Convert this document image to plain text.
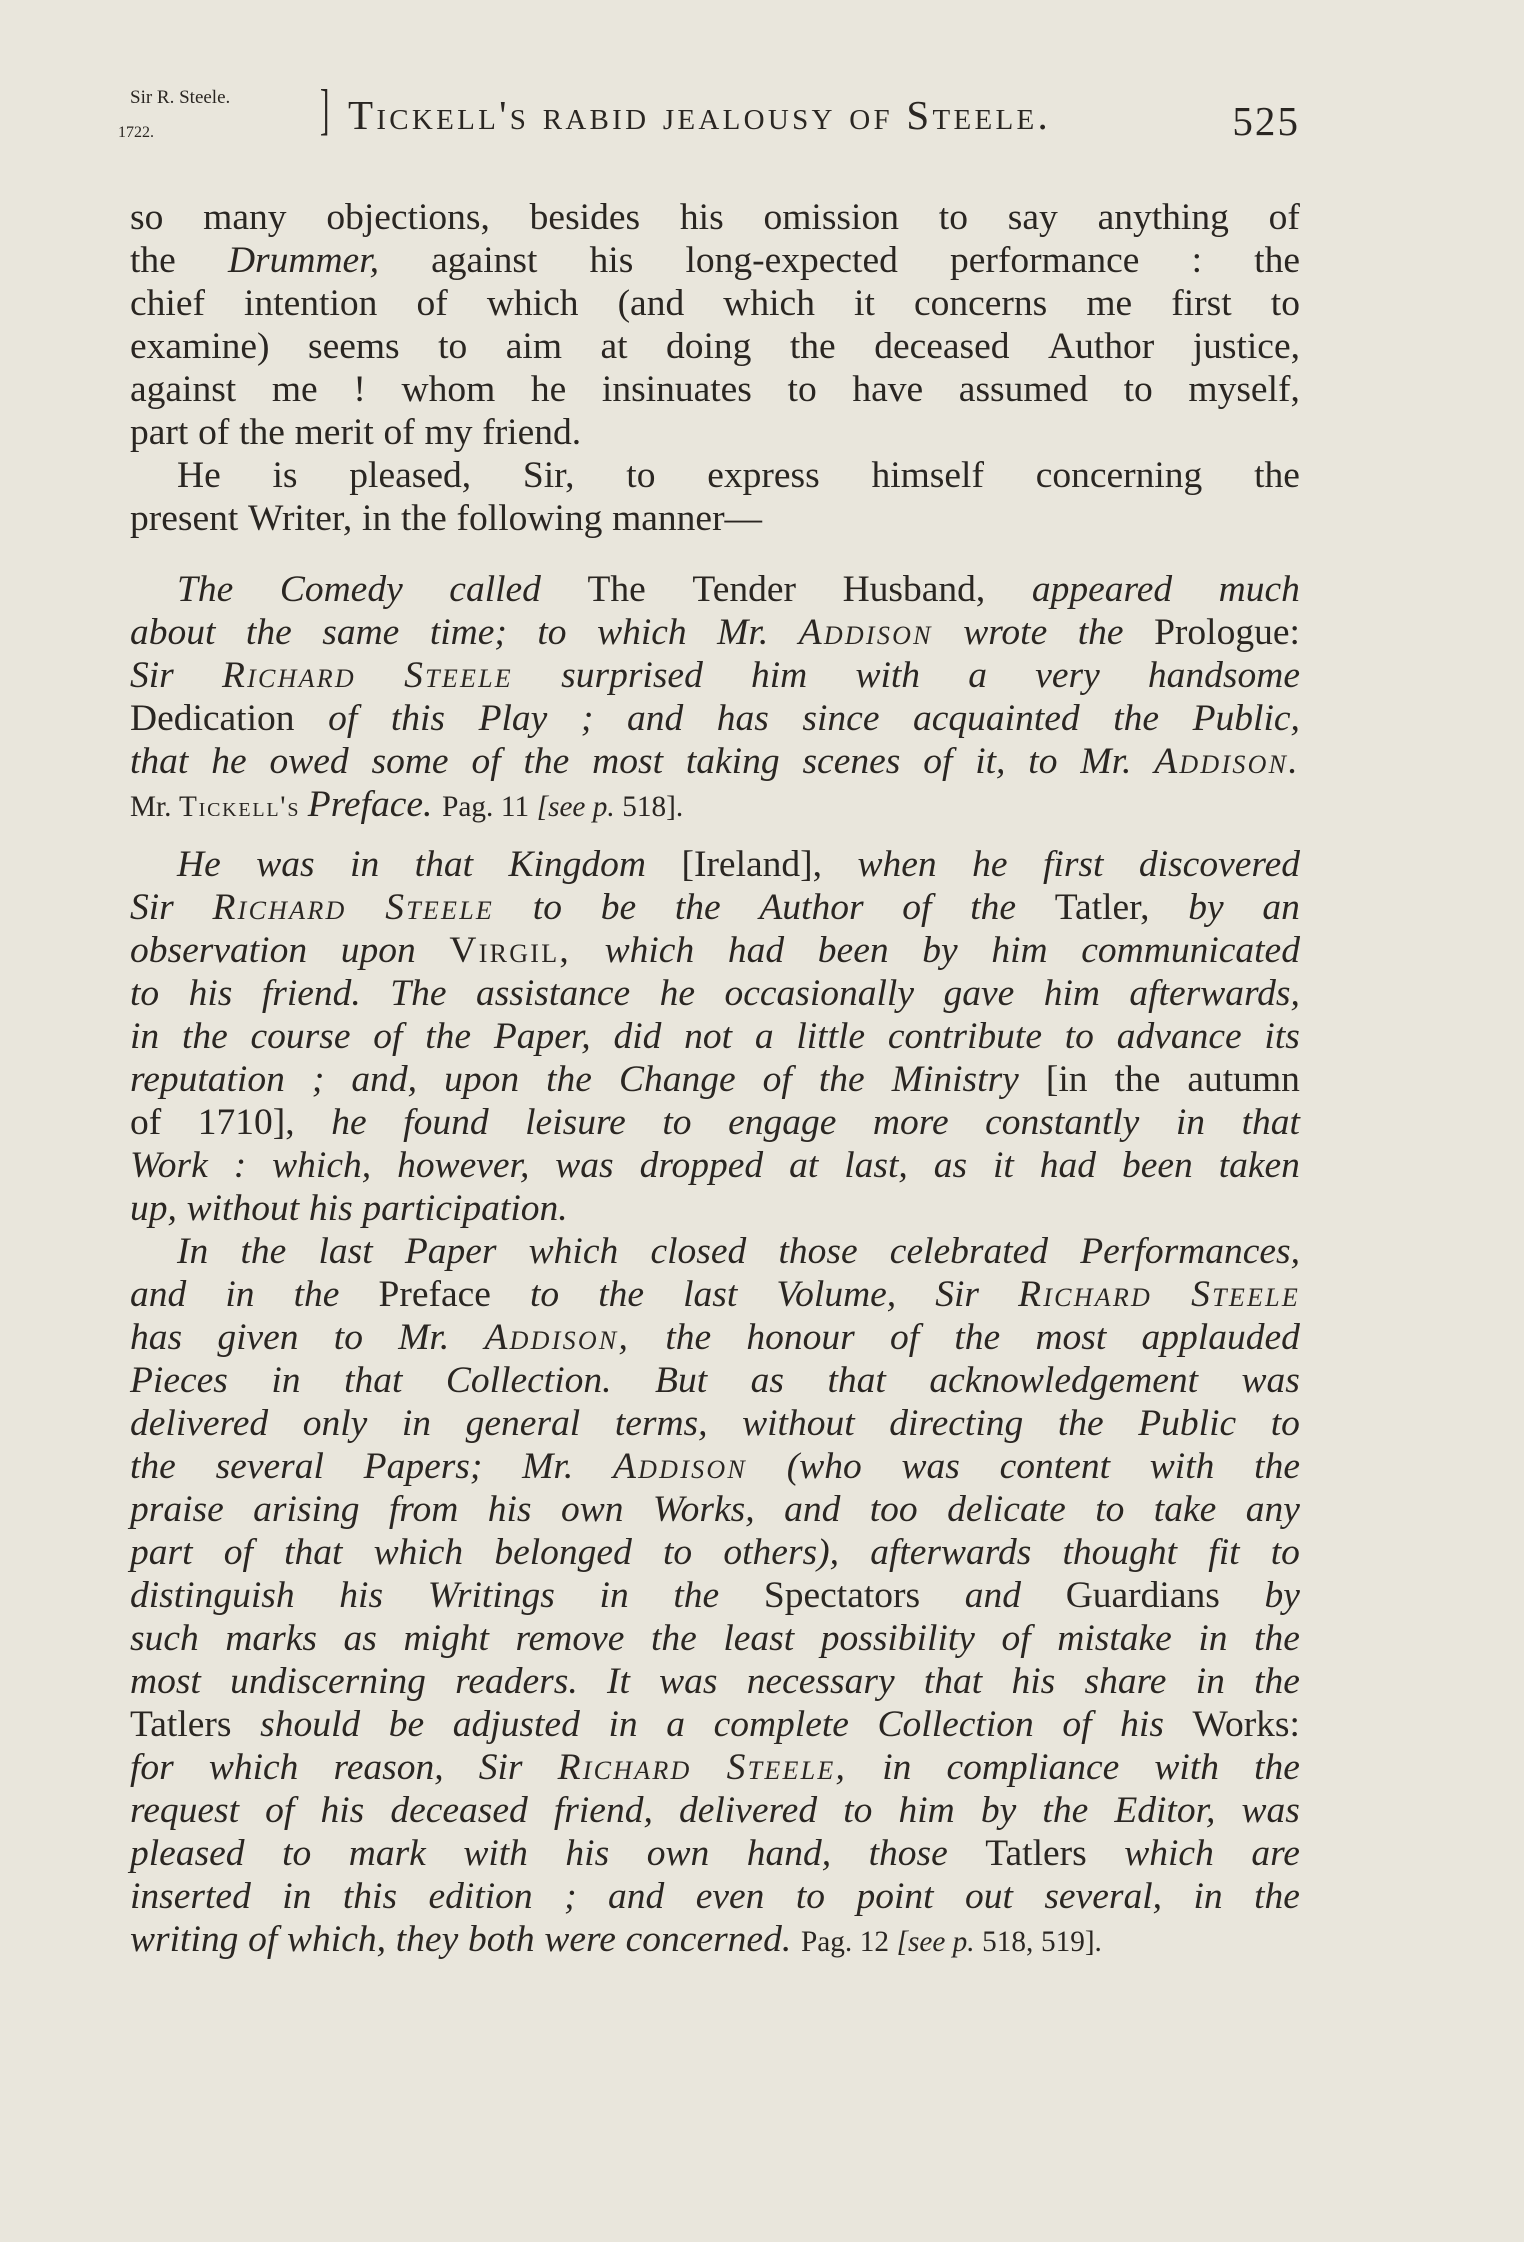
Sir R. Steele.
$_{1722.}$	] Tickell's rabid jealousy of Steele.	525
so many objections, besides his omission to say anything of
the Drummer, against his long-expected performance : the
chief intention of which (and which it concerns me first to
examine) seems to aim at doing the deceased Author justice,
against me ! whom he insinuates to have assumed to myself,
part of the merit of my friend.
He is pleased, Sir, to express himself concerning the
present Writer, in the following manner—
The Comedy called The Tender Husband, appeared much
about the same time; to which Mr. Addison wrote the Prologue:
Sir Richard Steele surprised him with a very handsome
Dedication of this Play ; and has since acquainted the Public,
that he owed some of the most taking scenes of it, to Mr. Addison.
Mr. Tickell's Preface. Pag. 11 [see p. 518].
He was in that Kingdom [Ireland], when he first discovered
Sir Richard Steele to be the Author of the Tatler, by an
observation upon Virgil, which had been by him communicated
to his friend. The assistance he occasionally gave him afterwards,
in the course of the Paper, did not a little contribute to advance its
reputation ; and, upon the Change of the Ministry [in the autumn
of 1710], he found leisure to engage more constantly in that
Work : which, however, was dropped at last, as it had been taken
up, without his participation.
In the last Paper which closed those celebrated Performances,
and in the Preface to the last Volume, Sir Richard Steele
has given to Mr. Addison, the honour of the most applauded
Pieces in that Collection. But as that acknowledgement was
delivered only in general terms, without directing the Public to
the several Papers; Mr. Addison (who was content with the
praise arising from his own Works, and too delicate to take any
part of that which belonged to others), afterwards thought fit to
distinguish his Writings in the Spectators and Guardians by
such marks as might remove the least possibility of mistake in the
most undiscerning readers. It was necessary that his share in the
Tatlers should be adjusted in a complete Collection of his Works:
for which reason, Sir Richard Steele, in compliance with the
request of his deceased friend, delivered to him by the Editor, was
pleased to mark with his own hand, those Tatlers which are
inserted in this edition ; and even to point out several, in the
writing of which, they both were concerned. Pag. 12 [see p. 518, 519].
